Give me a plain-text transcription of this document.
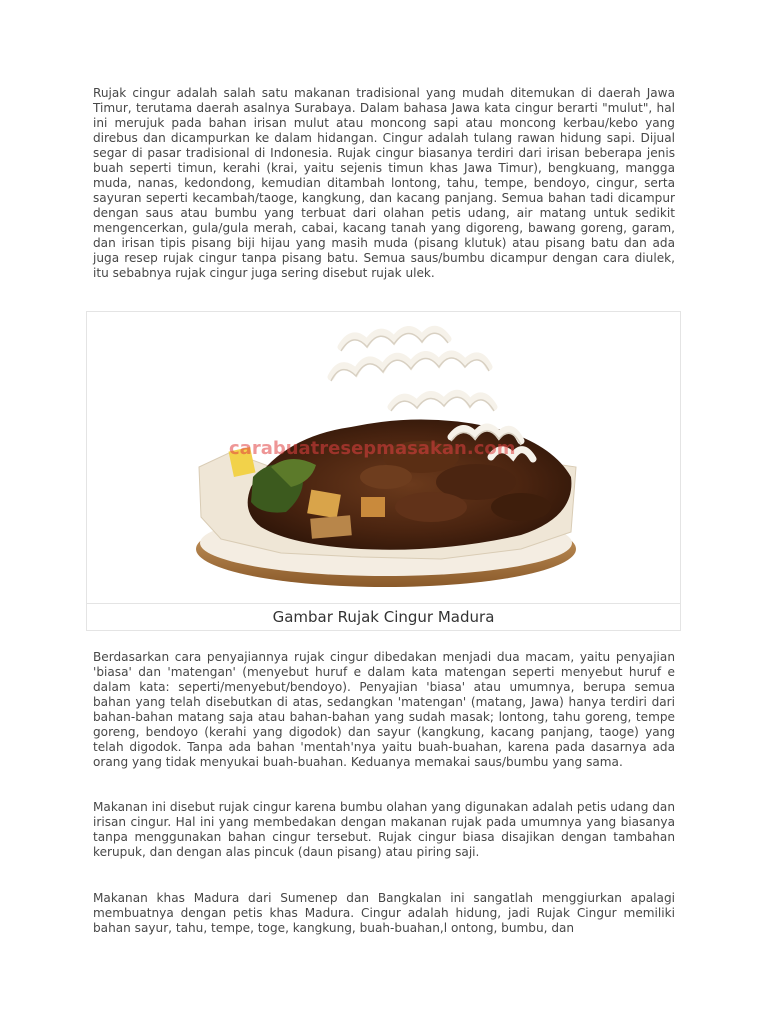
Rujak cingur adalah salah satu makanan tradisional yang mudah ditemukan di daerah Jawa Timur, terutama daerah asalnya Surabaya. Dalam bahasa Jawa kata cingur berarti "mulut", hal ini merujuk pada bahan irisan mulut atau moncong sapi atau moncong kerbau/kebo yang direbus dan dicampurkan ke dalam hidangan. Cingur adalah tulang rawan hidung sapi. Dijual segar di pasar tradisional di Indonesia. Rujak cingur biasanya terdiri dari irisan beberapa jenis buah seperti timun, kerahi (krai, yaitu sejenis timun khas Jawa Timur), bengkuang, mangga muda, nanas, kedondong, kemudian ditambah lontong, tahu, tempe, bendoyo, cingur, serta sayuran seperti kecambah/taoge, kangkung, dan kacang panjang. Semua bahan tadi dicampur dengan saus atau bumbu yang terbuat dari olahan petis udang, air matang untuk sedikit mengencerkan, gula/gula merah, cabai, kacang tanah yang digoreng, bawang goreng, garam, dan irisan tipis pisang biji hijau yang masih muda (pisang klutuk) atau pisang batu dan ada juga resep rujak cingur tanpa pisang batu. Semua saus/bumbu dicampur dengan cara diulek, itu sebabnya rujak cingur juga sering disebut rujak ulek.

carabuatresepmasakan.com
Gambar Rujak Cingur Madura

Berdasarkan cara penyajiannya rujak cingur dibedakan menjadi dua macam, yaitu penyajian 'biasa' dan 'matengan' (menyebut huruf e dalam kata matengan seperti menyebut huruf e dalam kata: seperti/menyebut/bendoyo). Penyajian 'biasa' atau umumnya, berupa semua bahan yang telah disebutkan di atas, sedangkan 'matengan' (matang, Jawa) hanya terdiri dari bahan-bahan matang saja atau bahan-bahan yang sudah masak; lontong, tahu goreng, tempe goreng, bendoyo (kerahi yang digodok) dan sayur (kangkung, kacang panjang, taoge) yang telah digodok. Tanpa ada bahan 'mentah'nya yaitu buah-buahan, karena pada dasarnya ada orang yang tidak menyukai buah-buahan. Keduanya memakai saus/bumbu yang sama.

Makanan ini disebut rujak cingur karena bumbu olahan yang digunakan adalah petis udang dan irisan cingur. Hal ini yang membedakan dengan makanan rujak pada umumnya yang biasanya tanpa menggunakan bahan cingur tersebut. Rujak cingur biasa disajikan dengan tambahan kerupuk, dan dengan alas pincuk (daun pisang) atau piring saji.

Makanan khas Madura dari Sumenep dan Bangkalan ini sangatlah menggiurkan apalagi membuatnya dengan petis khas Madura. Cingur adalah hidung, jadi Rujak Cingur memiliki bahan sayur, tahu, tempe, toge, kangkung, buah-buahan,l ontong, bumbu, dan
